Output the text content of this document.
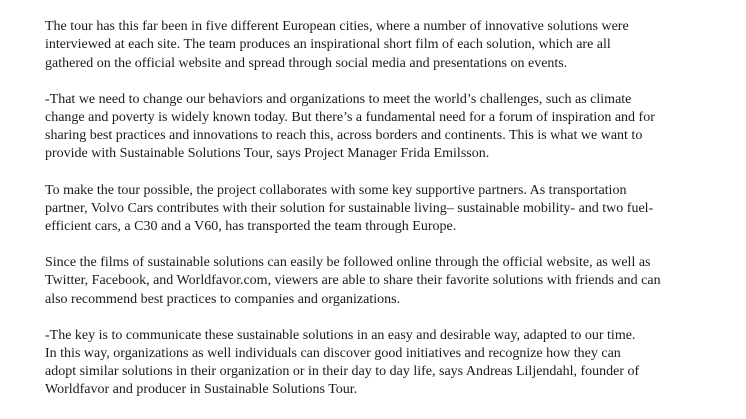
The tour has this far been in five different European cities, where a number of innovative solutions were
interviewed at each site. The team produces an inspirational short film of each solution, which are all
gathered on the official website and spread through social media and presentations on events.

-That we need to change our behaviors and organizations to meet the world’s challenges, such as climate
change and poverty is widely known today. But there’s a fundamental need for a forum of inspiration and for
sharing best practices and innovations to reach this, across borders and continents. This is what we want to
provide with Sustainable Solutions Tour, says Project Manager Frida Emilsson.

To make the tour possible, the project collaborates with some key supportive partners. As transportation
partner, Volvo Cars contributes with their solution for sustainable living– sustainable mobility- and two fuel-
efficient cars, a C30 and a V60, has transported the team through Europe.

Since the films of sustainable solutions can easily be followed online through the official website, as well as
Twitter, Facebook, and Worldfavor.com, viewers are able to share their favorite solutions with friends and can
also recommend best practices to companies and organizations.

-The key is to communicate these sustainable solutions in an easy and desirable way, adapted to our time.
In this way, organizations as well individuals can discover good initiatives and recognize how they can
adopt similar solutions in their organization or in their day to day life, says Andreas Liljendahl, founder of
Worldfavor and producer in Sustainable Solutions Tour.
